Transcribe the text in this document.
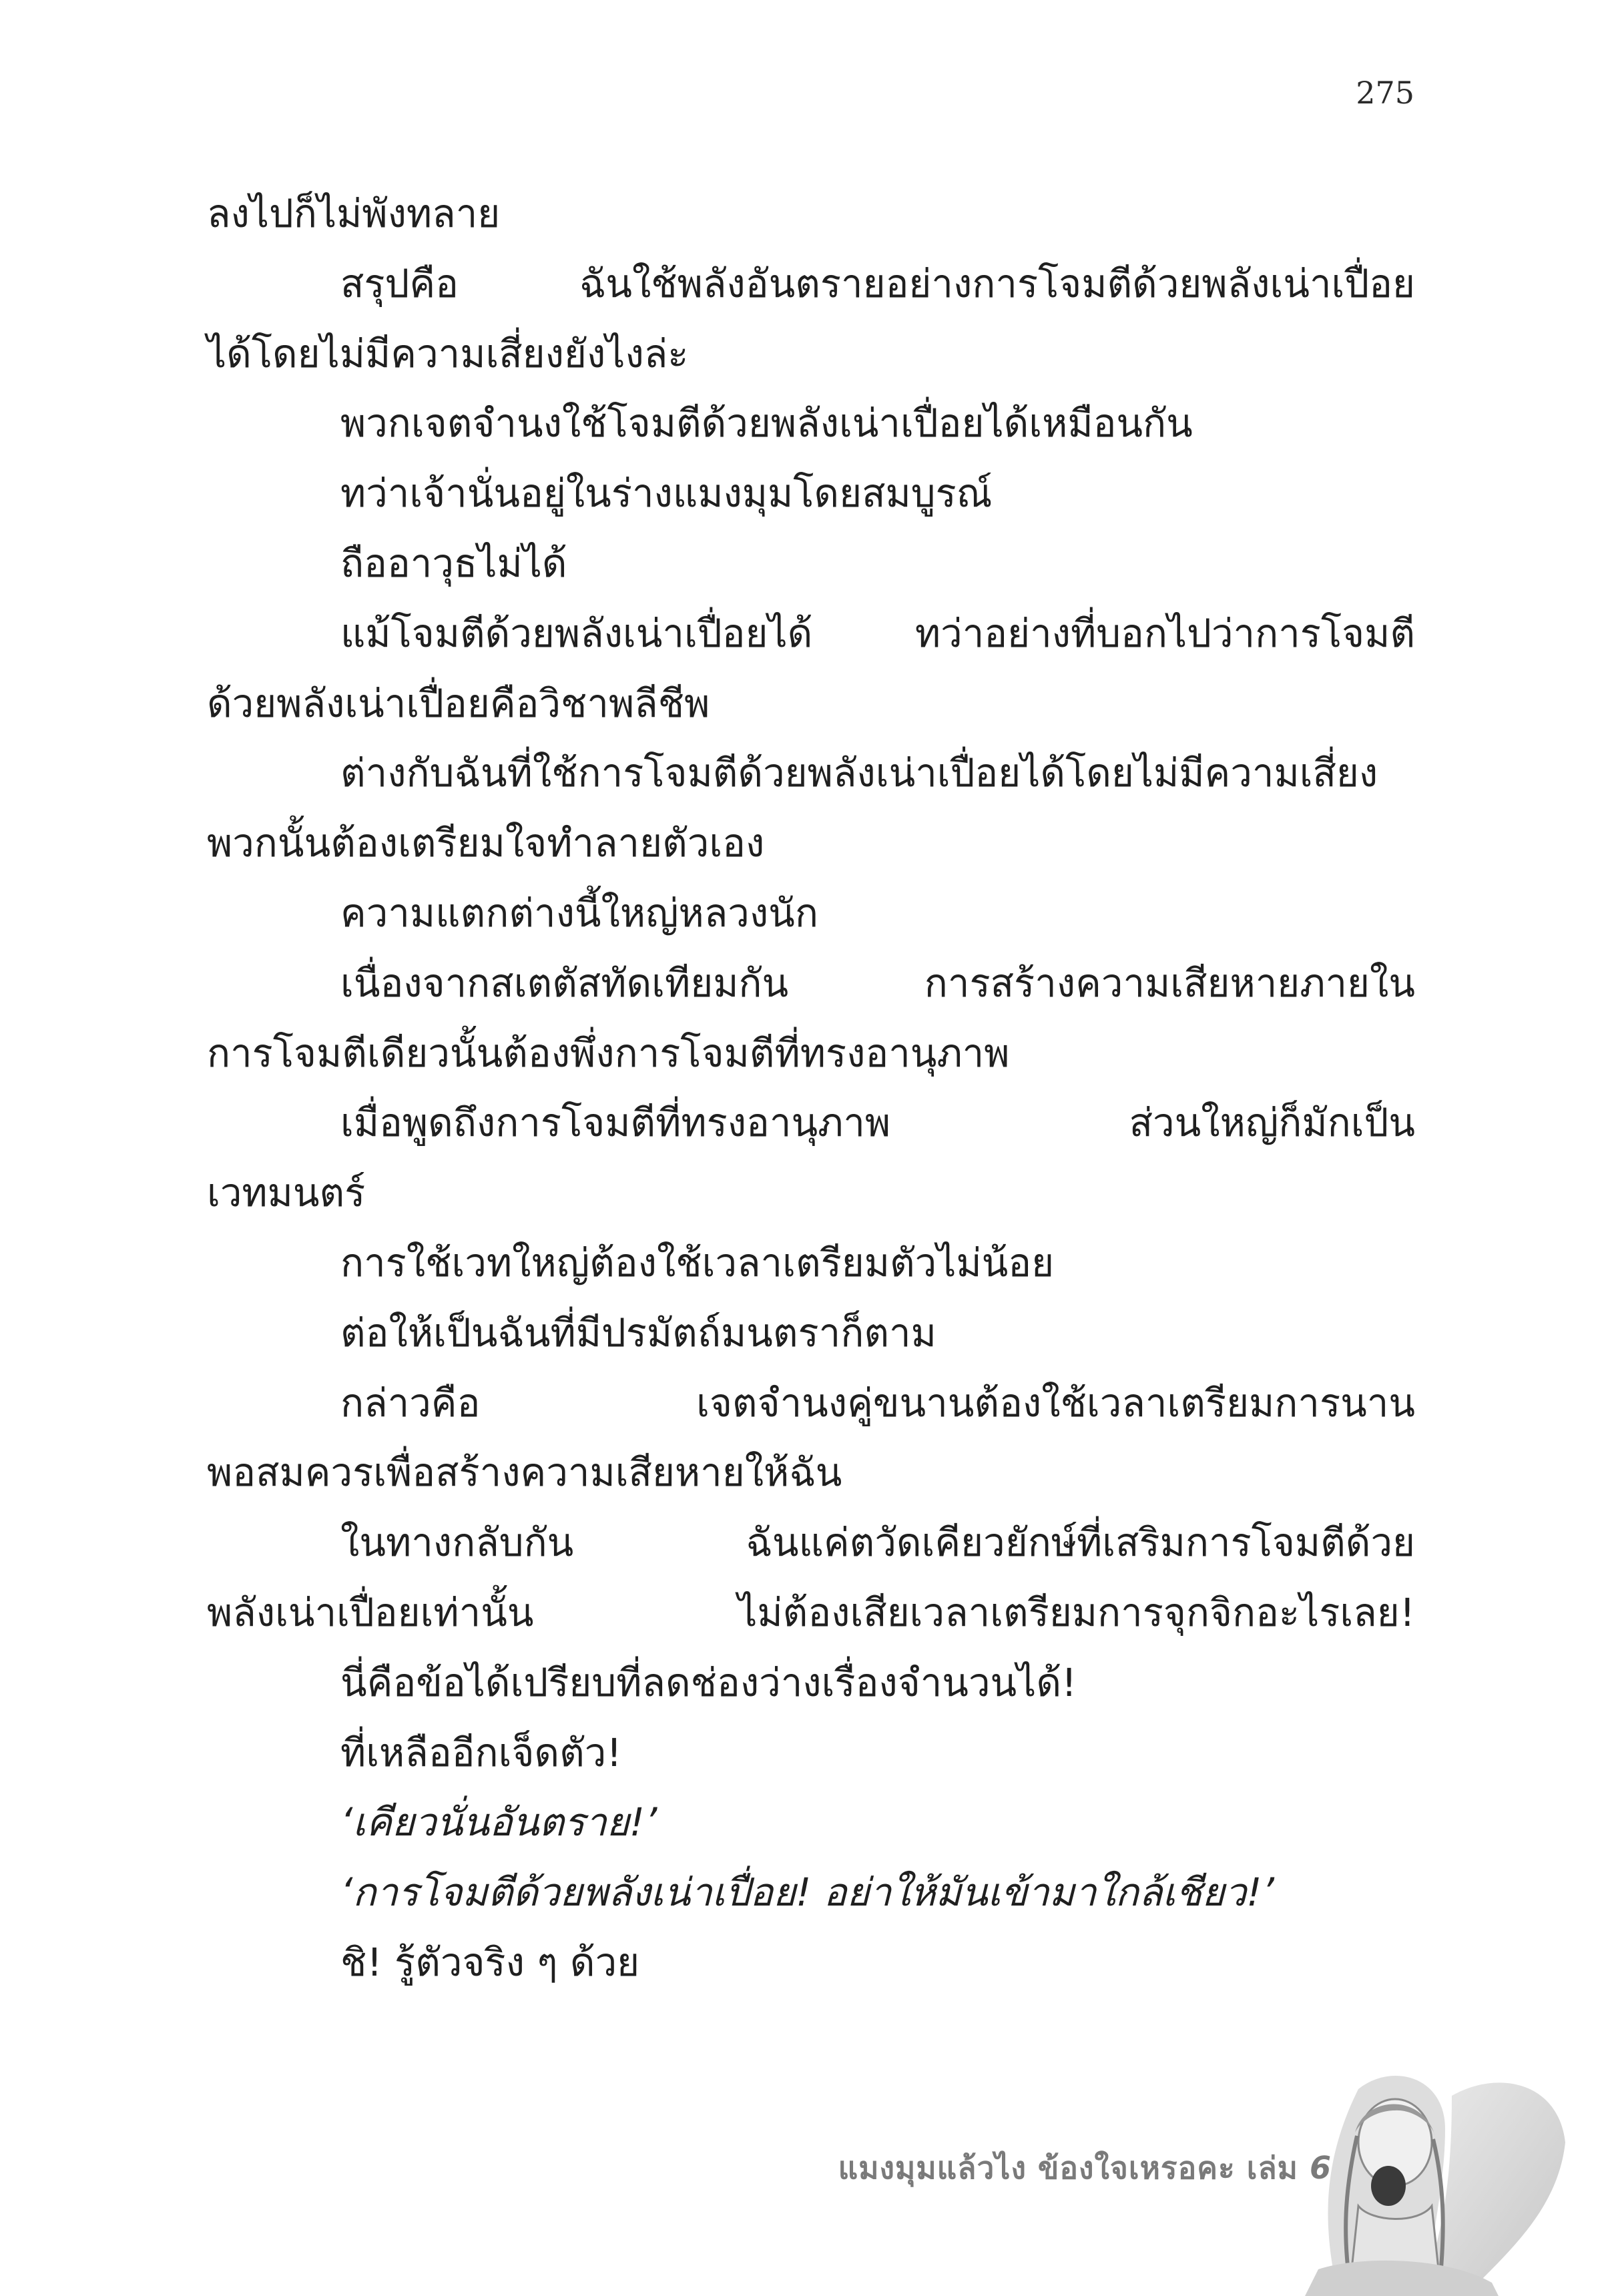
275
ลงไปก็ไม่พังทลาย
สรุปคือ ฉันใช้พลังอันตรายอย่างการโจมตีด้วยพลังเน่าเปื่อย
ได้โดยไม่มีความเสี่ยงยังไงล่ะ
พวกเจตจำนงใช้โจมตีด้วยพลังเน่าเปื่อยได้เหมือนกัน
ทว่าเจ้านั่นอยู่ในร่างแมงมุมโดยสมบูรณ์
ถืออาวุธไม่ได้
แม้โจมตีด้วยพลังเน่าเปื่อยได้ ทว่าอย่างที่บอกไปว่าการโจมตี
ด้วยพลังเน่าเปื่อยคือวิชาพลีชีพ
ต่างกับฉันที่ใช้การโจมตีด้วยพลังเน่าเปื่อยได้โดยไม่มีความเสี่ยง
พวกนั้นต้องเตรียมใจทำลายตัวเอง
ความแตกต่างนี้ใหญ่หลวงนัก
เนื่องจากสเตตัสทัดเทียมกัน การสร้างความเสียหายภายใน
การโจมตีเดียวนั้นต้องพึ่งการโจมตีที่ทรงอานุภาพ
เมื่อพูดถึงการโจมตีที่ทรงอานุภาพ ส่วนใหญ่ก็มักเป็น
เวทมนตร์
การใช้เวทใหญ่ต้องใช้เวลาเตรียมตัวไม่น้อย
ต่อให้เป็นฉันที่มีปรมัตถ์มนตราก็ตาม
กล่าวคือ เจตจำนงคู่ขนานต้องใช้เวลาเตรียมการนาน
พอสมควรเพื่อสร้างความเสียหายให้ฉัน
ในทางกลับกัน ฉันแค่ตวัดเคียวยักษ์ที่เสริมการโจมตีด้วย
พลังเน่าเปื่อยเท่านั้น ไม่ต้องเสียเวลาเตรียมการจุกจิกอะไรเลย!
นี่คือข้อได้เปรียบที่ลดช่องว่างเรื่องจำนวนได้!
ที่เหลืออีกเจ็ดตัว!
‘เคียวนั่นอันตราย!’
‘การโจมตีด้วยพลังเน่าเปื่อย! อย่าให้มันเข้ามาใกล้เชียว!’
ชิ! รู้ตัวจริง ๆ ด้วย
แมงมุมแล้วไง ข้องใจเหรอคะ เล่ม 6
